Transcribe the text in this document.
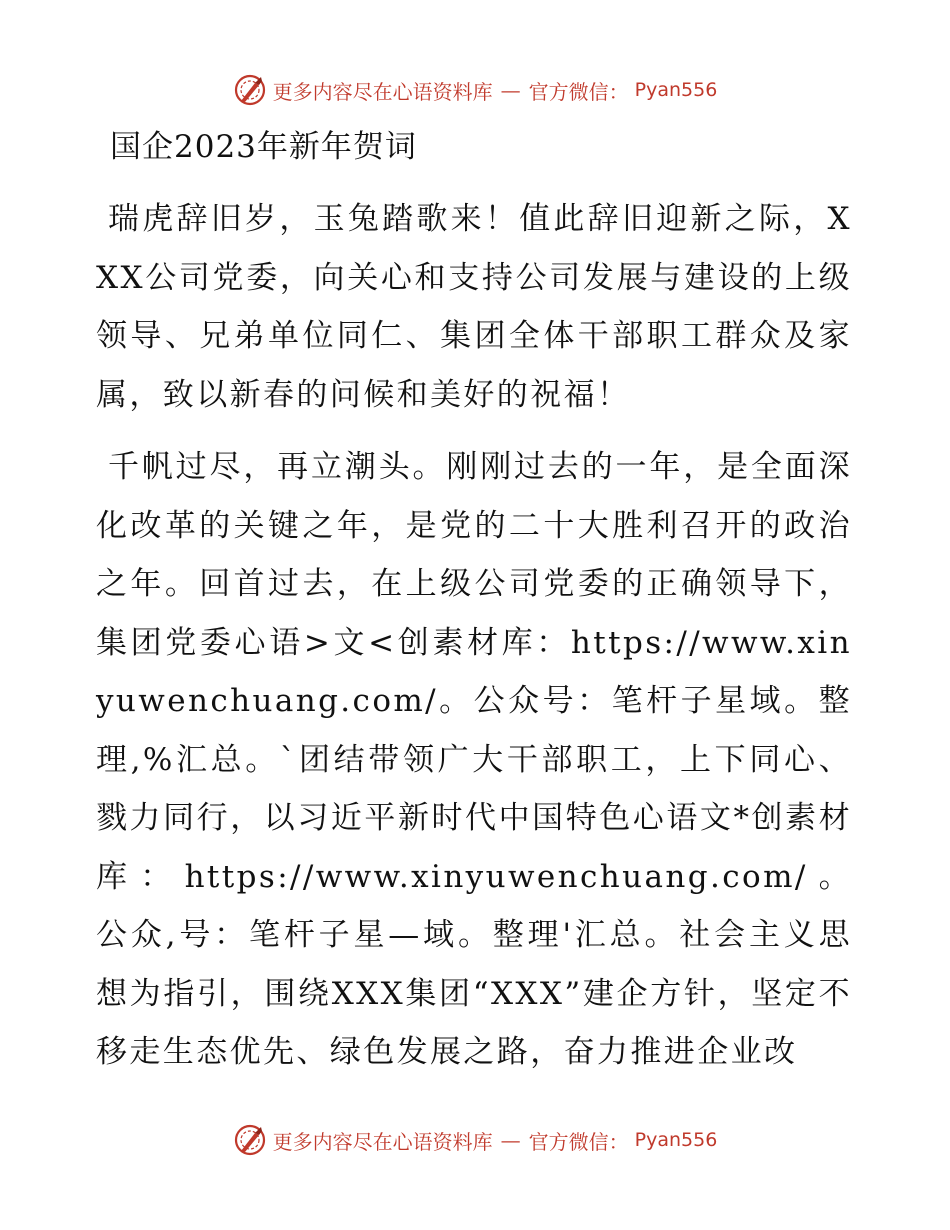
更多内容尽在心语资料库 — 官方微信： Pyan556
国企2023年新年贺词

瑞虎辞旧岁，玉兔踏歌来！值此辞旧迎新之际，XXX公司党委，向关心和支持公司发展与建设的上级领导、兄弟单位同仁、集团全体干部职工群众及家属，致以新春的问候和美好的祝福！

千帆过尽，再立潮头。刚刚过去的一年，是全面深化改革的关键之年，是党的二十大胜利召开的政治之年。回首过去，在上级公司党委的正确领导下，集团党委心语>文<创素材库：https://www.xinyuwenchuang.com/。公众号：笔杆子星域。整理,%汇总。`团结带领广大干部职工，上下同心、戮力同行，以习近平新时代中国特色心语文*创素材库：https://www.xinyuwenchuang.com/。公众,号：笔杆子星—域。整理'汇总。社会主义思想为指引，围绕XXX集团“XXX”建企方针，坚定不移走生态优先、绿色发展之路，奋力推进企业改

更多内容尽在心语资料库 — 官方微信： Pyan556
